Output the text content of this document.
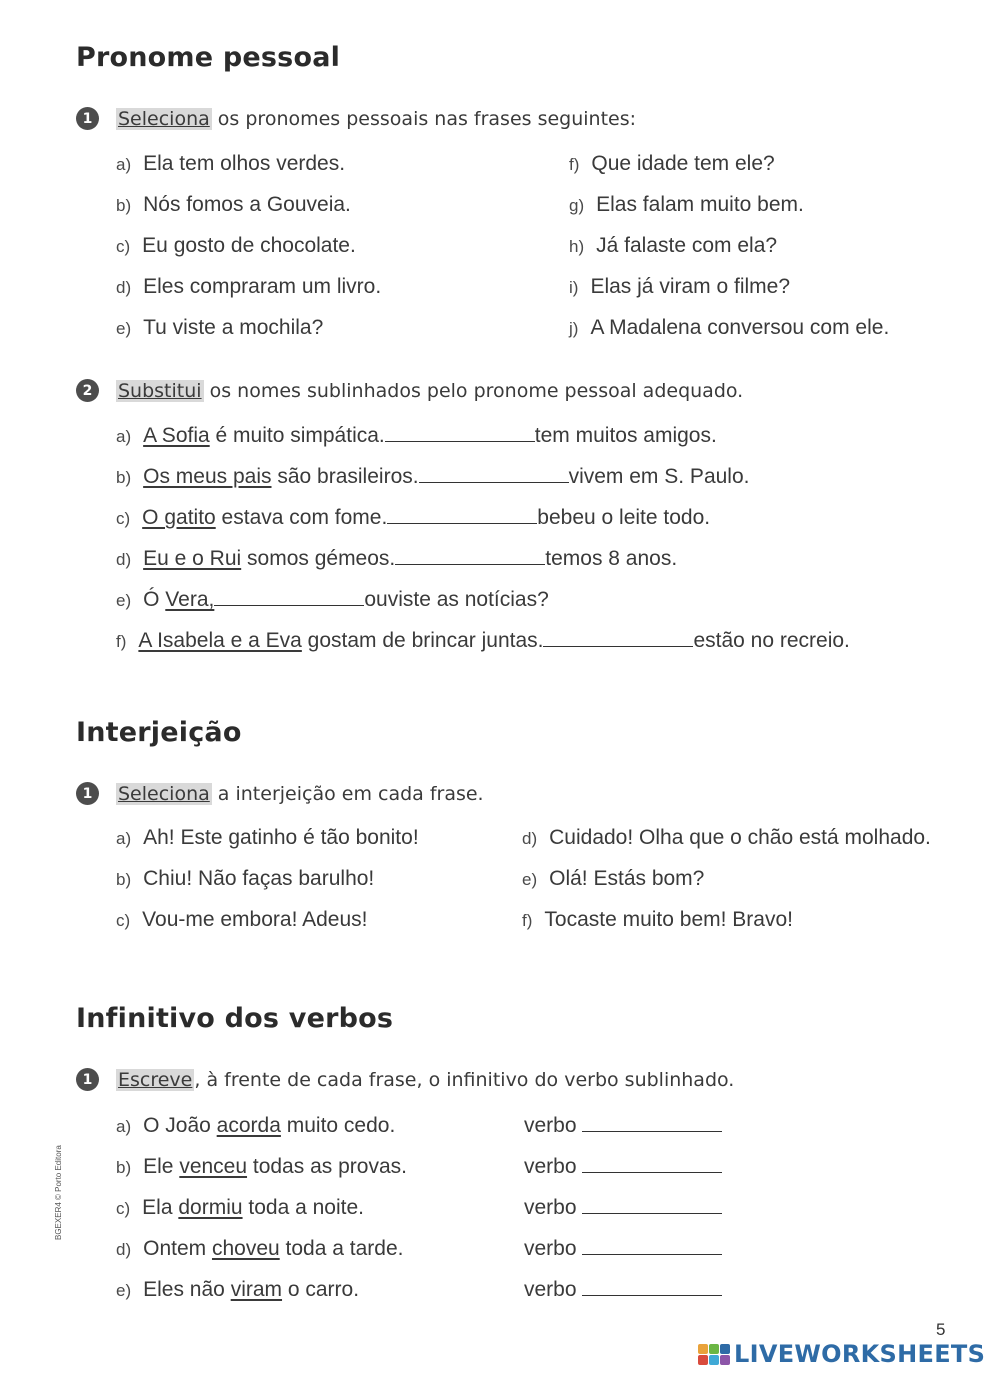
Pronome pessoal
1	Seleciona os pronomes pessoais nas frases seguintes:
a) Ela tem olhos verdes.
b) Nós fomos a Gouveia.
c) Eu gosto de chocolate.
d) Eles compraram um livro.
e) Tu viste a mochila?
f) Que idade tem ele?
g) Elas falam muito bem.
h) Já falaste com ela?
i) Elas já viram o filme?
j) A Madalena conversou com ele.
2	Substitui os nomes sublinhados pelo pronome pessoal adequado.
a) A Sofia é muito simpática.	tem muitos amigos.
b) Os meus pais são brasileiros.	vivem em S. Paulo.
c) O gatito estava com fome.	bebeu o leite todo.
d) Eu e o Rui somos gémeos.	temos 8 anos.
e) Ó Vera,	ouviste as notícias?
f) A Isabela e a Eva gostam de brincar juntas.	estão no recreio.
Interjeição
1	Seleciona a interjeição em cada frase.
a) Ah! Este gatinho é tão bonito!
b) Chiu! Não faças barulho!
c) Vou-me embora! Adeus!
d) Cuidado! Olha que o chão está molhado.
e) Olá! Estás bom?
f) Tocaste muito bem! Bravo!
Infinitivo dos verbos
1	Escreve , à frente de cada frase, o infinitivo do verbo sublinhado.
a) O João acorda muito cedo.
b) Ele venceu todas as provas.
c) Ela dormiu toda a noite.
d) Ontem choveu toda a tarde.
e) Eles não viram o carro.
verbo
verbo
verbo
verbo
verbo
BGEXER4 © Porto Editora
5
LIVEWORKSHEETS
